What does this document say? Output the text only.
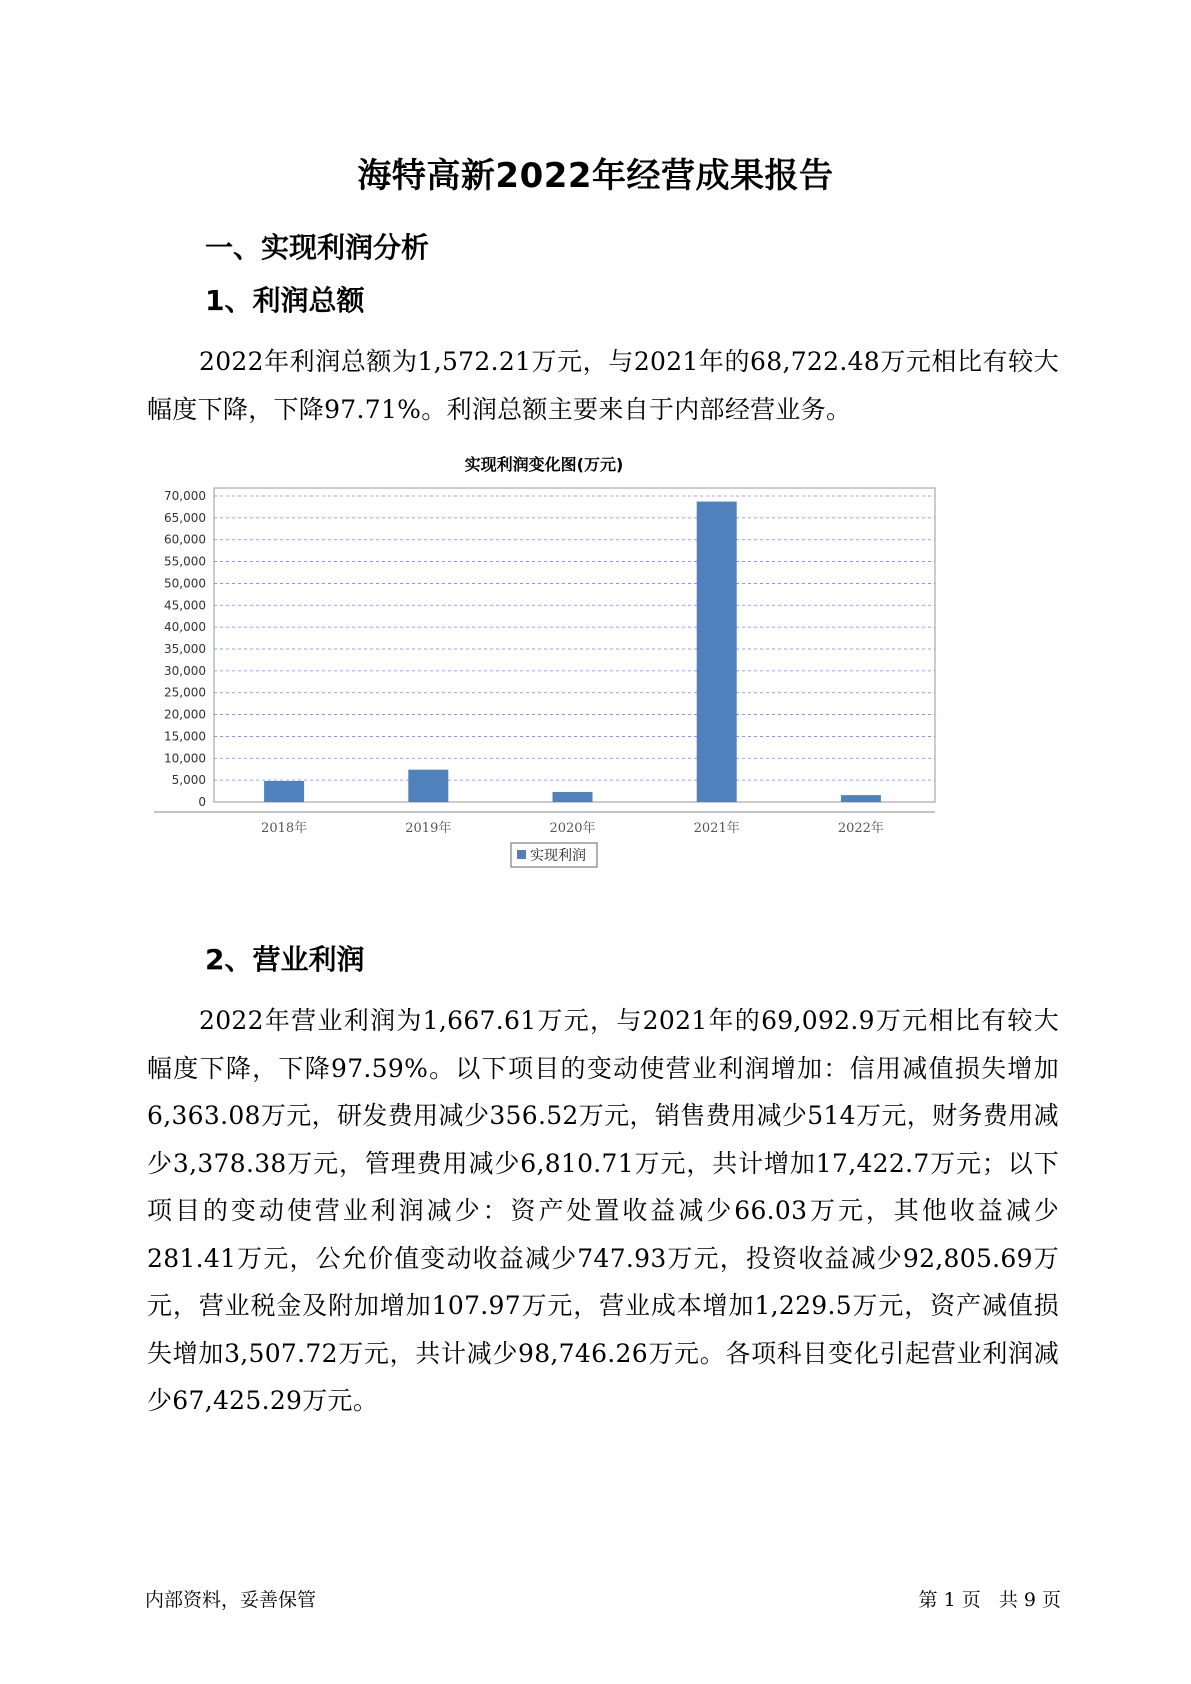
海特高新2022年经营成果报告
一、实现利润分析
1、利润总额
2022年利润总额为1,572.21万元，与2021年的68,722.48万元相比有较大幅度下降，下降97.71%。利润总额主要来自于内部经营业务。
实现利润变化图(万元)
0
5,000
10,000
15,000
20,000
25,000
30,000
35,000
40,000
45,000
50,000
55,000
60,000
65,000
70,000
2018年	2019年	2020年	2021年	2022年
实现利润
2、营业利润
2022年营业利润为1,667.61万元，与2021年的69,092.9万元相比有较大幅度下降，下降97.59%。以下项目的变动使营业利润增加：信用减值损失增加6,363.08万元，研发费用减少356.52万元，销售费用减少514万元，财务费用减少3,378.38万元，管理费用减少6,810.71万元，共计增加17,422.7万元；以下项目的变动使营业利润减少：资产处置收益减少66.03万元，其他收益减少281.41万元，公允价值变动收益减少747.93万元，投资收益减少92,805.69万元，营业税金及附加增加107.97万元，营业成本增加1,229.5万元，资产减值损失增加3,507.72万元，共计减少98,746.26万元。各项科目变化引起营业利润减少67,425.29万元。
内部资料，妥善保管	第 1 页   共 9 页
